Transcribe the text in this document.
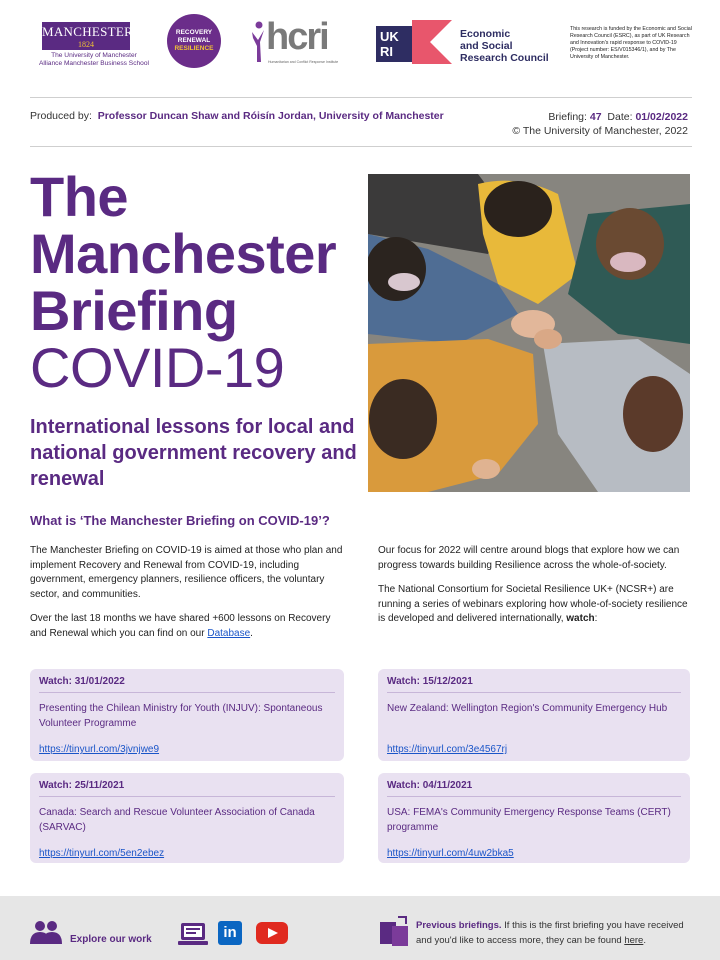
MANCHESTER
1824
The University of Manchester
Alliance Manchester Business School
RECOVERY
RENEWAL
RESILIENCE hcri
Humanitarian and Conflict Response Institute
UK
RI
Economic
and Social
Research Council
This research is funded by the Economic and Social Research Council (ESRC), as part of UK Research and Innovation's rapid response to COVID-19 (Project number: ES/V015346/1), and by The University of Manchester.
Produced by: Professor Duncan Shaw and Róisín Jordan, University of Manchester	Briefing: 47 Date: 01/02/2022
© The University of Manchester, 2022
The
Manchester
Briefing
COVID-19
International lessons for local and national government recovery and renewal
What is ‘The Manchester Briefing on COVID-19’?

The Manchester Briefing on COVID-19 is aimed at those who plan and implement Recovery and Renewal from COVID-19, including government, emergency planners, resilience officers, the voluntary sector, and communities.

Over the last 18 months we have shared +600 lessons on Recovery and Renewal which you can find on our Database.

Our focus for 2022 will centre around blogs that explore how we can progress towards building Resilience across the whole-of-society.

The National Consortium for Societal Resilience UK+ (NCSR+) are running a series of webinars exploring how whole-of-society resilience is developed and delivered internationally, watch:

Watch: 31/01/2022
Presenting the Chilean Ministry for Youth (INJUV): Spontaneous Volunteer Programme
https://tinyurl.com/3jvnjwe9
Watch: 15/12/2021
New Zealand: Wellington Region's Community Emergency Hub
https://tinyurl.com/3e4567rj
Watch: 25/11/2021
Canada: Search and Rescue Volunteer Association of Canada (SARVAC)
https://tinyurl.com/5en2ebez
Watch: 04/11/2021
USA: FEMA's Community Emergency Response Teams (CERT) programme
https://tinyurl.com/4uw2bka5
Explore our work	in	Previous briefings. If this is the first briefing you have received and you'd like to access more, they can be found here.
